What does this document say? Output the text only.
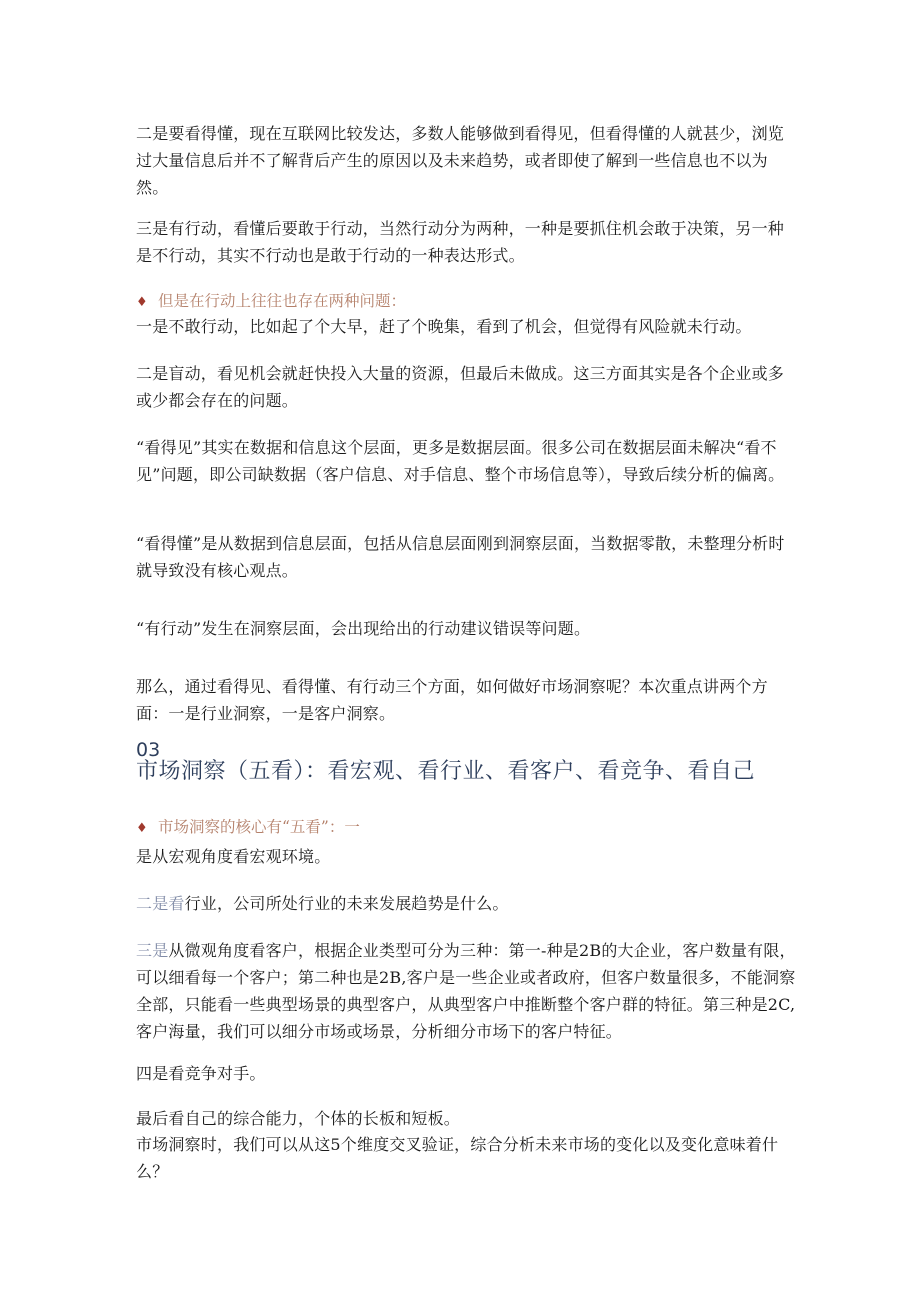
二是要看得懂，现在互联网比较发达，多数人能够做到看得见，但看得懂的人就甚少，浏览过大量信息后并不了解背后产生的原因以及未来趋势，或者即使了解到一些信息也不以为然。

三是有行动，看懂后要敢于行动，当然行动分为两种，一种是要抓住机会敢于决策，另一种是不行动，其实不行动也是敢于行动的一种表达形式。

♦ 但是在行动上往往也存在两种问题：

一是不敢行动，比如起了个大早，赶了个晚集，看到了机会，但觉得有风险就未行动。

二是盲动，看见机会就赶快投入大量的资源，但最后未做成。这三方面其实是各个企业或多或少都会存在的问题。

“看得见”其实在数据和信息这个层面，更多是数据层面。很多公司在数据层面未解决“看不见”问题，即公司缺数据（客户信息、对手信息、整个市场信息等），导致后续分析的偏离。

“看得懂”是从数据到信息层面，包括从信息层面刚到洞察层面，当数据零散，未整理分析时就导致没有核心观点。

“有行动”发生在洞察层面，会出现给出的行动建议错误等问题。

那么，通过看得见、看得懂、有行动三个方面，如何做好市场洞察呢？本次重点讲两个方面：一是行业洞察，一是客户洞察。

03

市场洞察（五看）：看宏观、看行业、看客户、看竞争、看自己

♦ 市场洞察的核心有“五看”：一

是从宏观角度看宏观环境。

二是看行业，公司所处行业的未来发展趋势是什么。

三是从微观角度看客户，根据企业类型可分为三种：第一-种是2B的大企业，客户数量有限，可以细看每一个客户；第二种也是2B,客户是一些企业或者政府，但客户数量很多，不能洞察全部，只能看一些典型场景的典型客户，从典型客户中推断整个客户群的特征。第三种是2C,客户海量，我们可以细分市场或场景，分析细分市场下的客户特征。

四是看竞争对手。

最后看自己的综合能力，个体的长板和短板。

市场洞察时，我们可以从这5个维度交叉验证，综合分析未来市场的变化以及变化意味着什么？
